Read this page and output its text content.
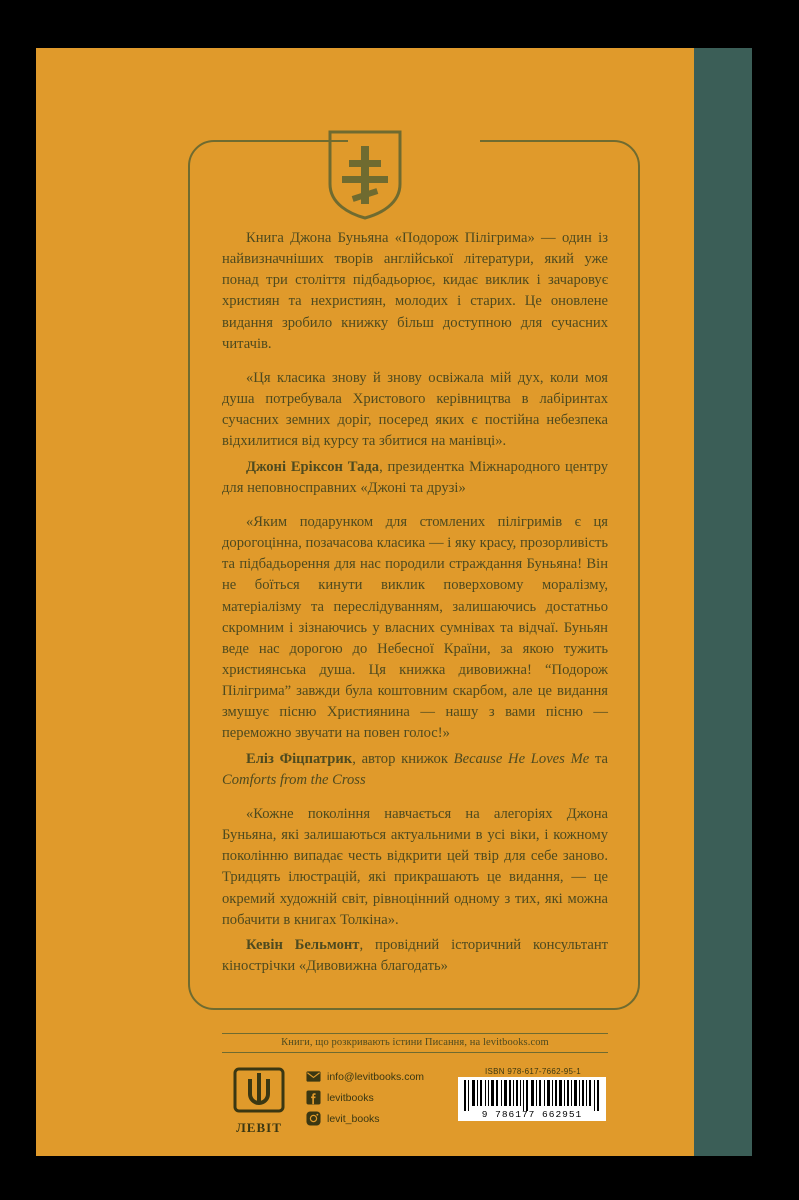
Книга Джона Буньяна «Подорож Пілігрима» — один із найвизначніших творів англійської літератури, який уже понад три століття підбадьорює, кидає виклик і зачаровує християн та нехристиян, молодих і старих. Це оновлене видання зробило книжку більш доступною для сучасних читачів.

«Ця класика знову й знову освіжала мій дух, коли моя душа потребувала Христового керівництва в лабіринтах сучасних земних доріг, посеред яких є постійна небезпека відхилитися від курсу та збитися на манівці».

Джоні Еріксон Тада, президентка Міжнародного центру для неповносправних «Джоні та друзі»

«Яким подарунком для стомлених пілігримів є ця дорогоцінна, позачасова класика — і яку красу, прозорливість та підбадьорення для нас породили страждання Буньяна! Він не боїться кинути виклик поверховому моралізму, матеріалізму та переслідуванням, залишаючись достатньо скромним і зізнаючись у власних сумнівах та відчаї. Буньян веде нас дорогою до Небесної Країни, за якою тужить християнська душа. Ця книжка дивовижна! “Подорож Пілігрима” завжди була коштовним скарбом, але це видання змушує пісню Християнина — нашу з вами пісню — переможно звучати на повен голос!»

Еліз Фіцпатрик, автор книжок Because He Loves Me та Comforts from the Cross

«Кожне покоління навчається на алегоріях Джона Буньяна, які залишаються актуальними в усі віки, і кожному поколінню випадає честь відкрити цей твір для себе заново. Тридцять ілюстрацій, які прикрашають це видання, — це окремий художній світ, рівноцінний одному з тих, які можна побачити в книгах Толкіна».

Кевін Бельмонт, провідний історичний консультант кінострічки «Дивовижна благодать»

Книги, що розкривають істини Писання, на levitbooks.com
ЛЕВІТ
info@levitbooks.com
levitbooks
levit_books
ISBN 978-617-7662-95-1
9 786177 662951
